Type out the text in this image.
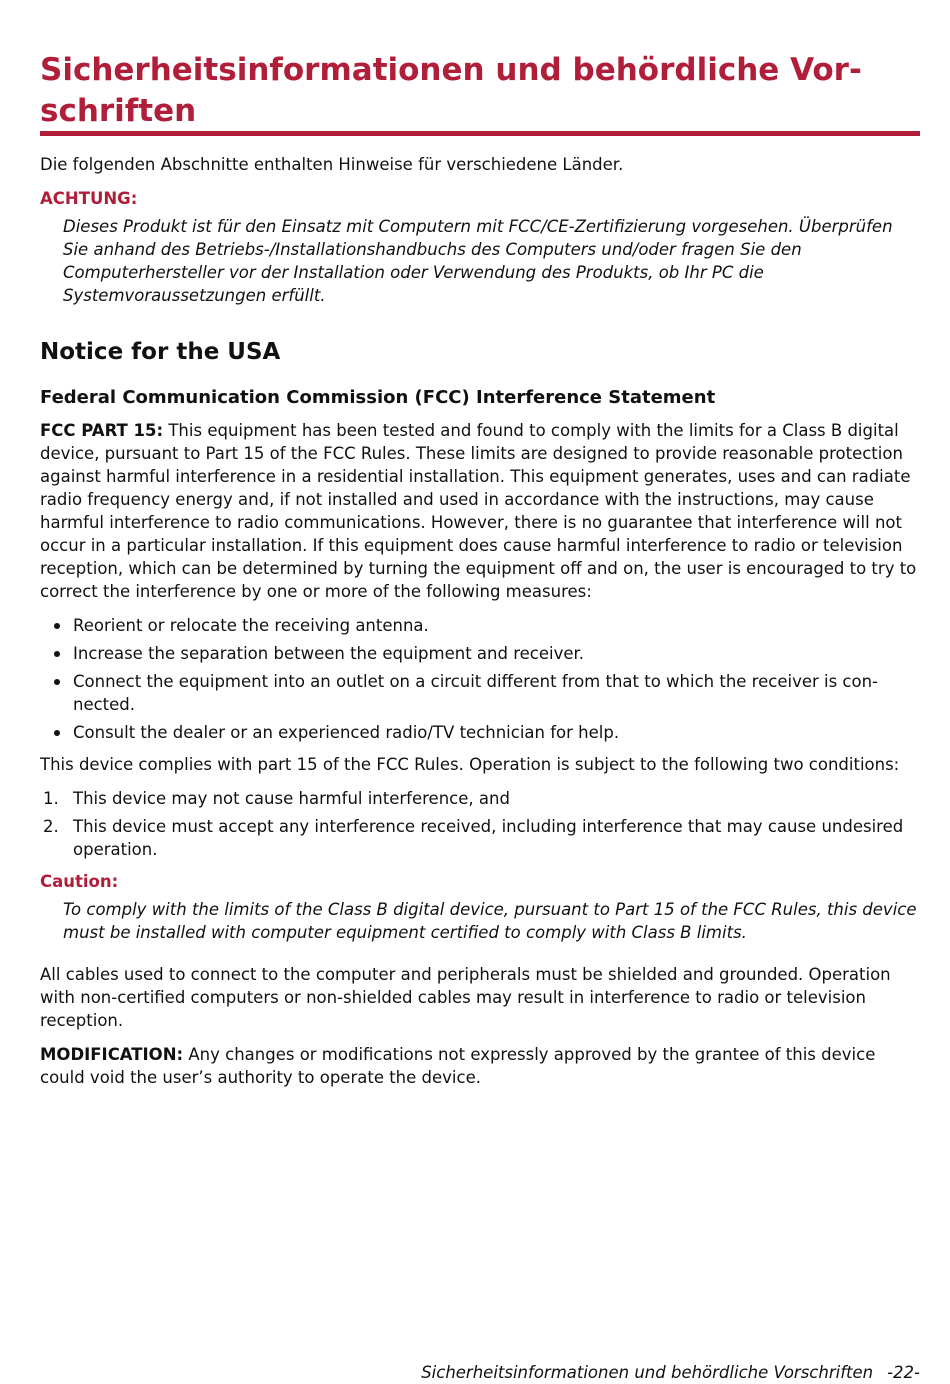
Sicherheitsinformationen und behördliche Vor-
schriften
Die folgenden Abschnitte enthalten Hinweise für verschiedene Länder.
ACHTUNG:
Dieses Produkt ist für den Einsatz mit Computern mit FCC/CE-Zertifizierung vorgesehen. Überprüfen Sie anhand des Betriebs-/Installationshandbuchs des Computers und/oder fragen Sie den Computerhersteller vor der Installation oder Verwendung des Produkts, ob Ihr PC die Systemvoraussetzungen erfüllt.
Notice for the USA
Federal Communication Commission (FCC) Interference Statement
FCC PART 15: This equipment has been tested and found to comply with the limits for a Class B digital device, pursuant to Part 15 of the FCC Rules. These limits are designed to provide reasonable protection against harmful interference in a residential installation. This equipment generates, uses and can radiate radio frequency energy and, if not installed and used in accordance with the instructions, may cause harmful interference to radio communications. However, there is no guarantee that interference will not occur in a particular installation. If this equipment does cause harmful interference to radio or television reception, which can be determined by turning the equipment off and on, the user is encouraged to try to correct the interference by one or more of the following measures:
Reorient or relocate the receiving antenna.
Increase the separation between the equipment and receiver.
Connect the equipment into an outlet on a circuit different from that to which the receiver is con-nected.
Consult the dealer or an experienced radio/TV technician for help.
This device complies with part 15 of the FCC Rules. Operation is subject to the following two conditions:
1. This device may not cause harmful interference, and
2. This device must accept any interference received, including interference that may cause undesired operation.
Caution:
To comply with the limits of the Class B digital device, pursuant to Part 15 of the FCC Rules, this device must be installed with computer equipment certified to comply with Class B limits.
All cables used to connect to the computer and peripherals must be shielded and grounded. Operation with non-certified computers or non-shielded cables may result in interference to radio or television reception.
MODIFICATION: Any changes or modifications not expressly approved by the grantee of this device could void the user’s authority to operate the device.
Sicherheitsinformationen und behördliche Vorschriften -22-
